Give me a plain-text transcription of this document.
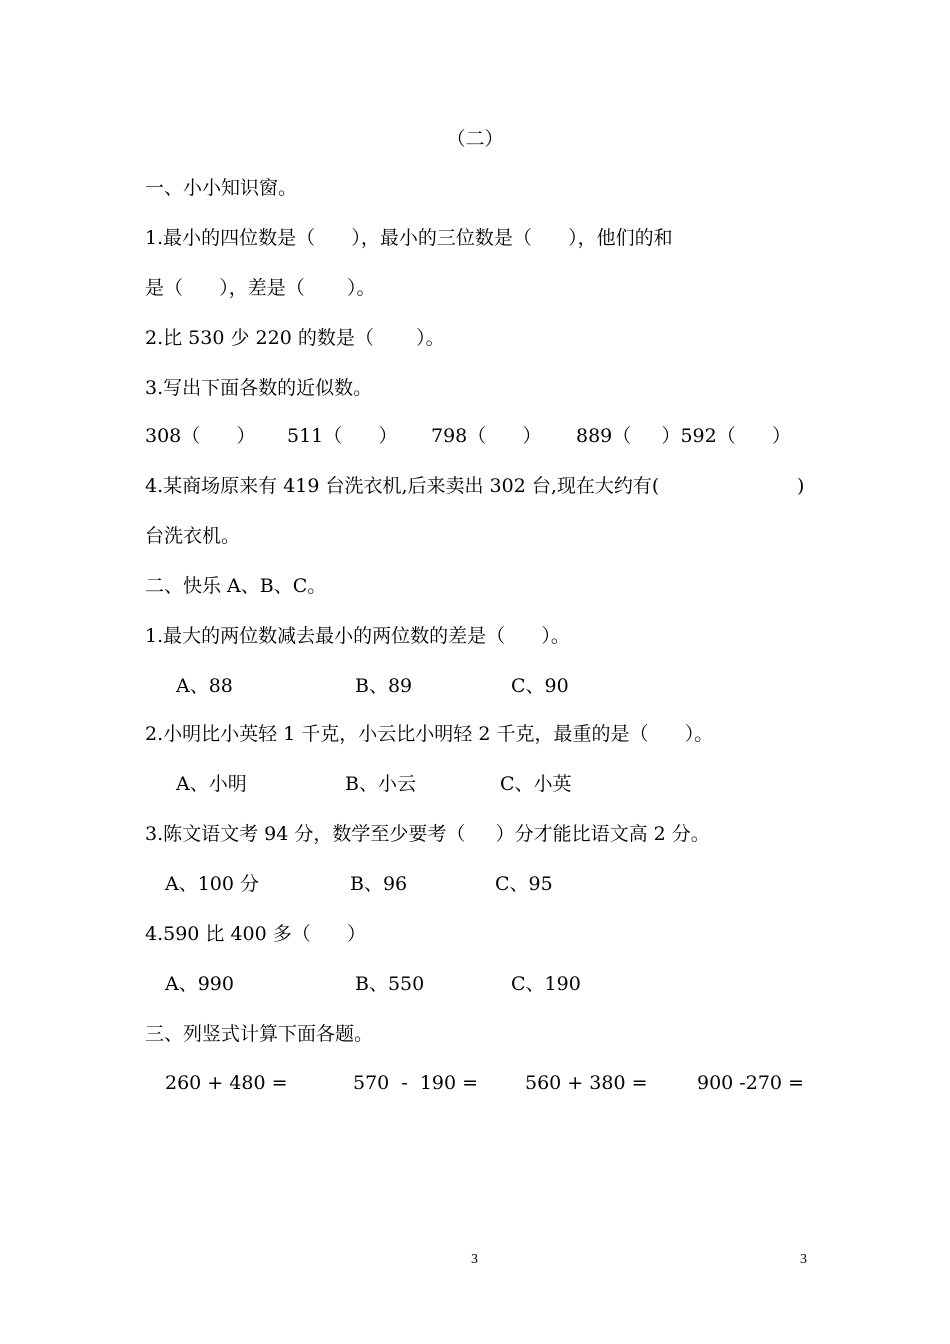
（二）
一、小小知识窗。
1.最小的四位数是（      ），最小的三位数是（      ），他们的和
是（      ），差是（       ）。
2.比 530 少 220 的数是（       ）。
3.写出下面各数的近似数。
308（      ） 511（      ） 798（      ） 889（     ）592（      ）
4.某商场原来有 419 台洗衣机,后来卖出 302 台,现在大约有(	)
台洗衣机。
二、快乐 A、B、C。
1.最大的两位数减去最小的两位数的差是（      ）。
A、88	B、89	C、90
2.小明比小英轻 1 千克，小云比小明轻 2 千克，最重的是（      ）。
A、小明	B、小云	C、小英
3.陈文语文考 94 分，数学至少要考（     ）分才能比语文高 2 分。
A、100 分	B、96	C、95
4.590 比 400 多（      ）
A、990	B、550	C、190
三、列竖式计算下面各题。
260 + 480 =	570  -  190 = 560 + 380 =	900 -270 =
3	3
